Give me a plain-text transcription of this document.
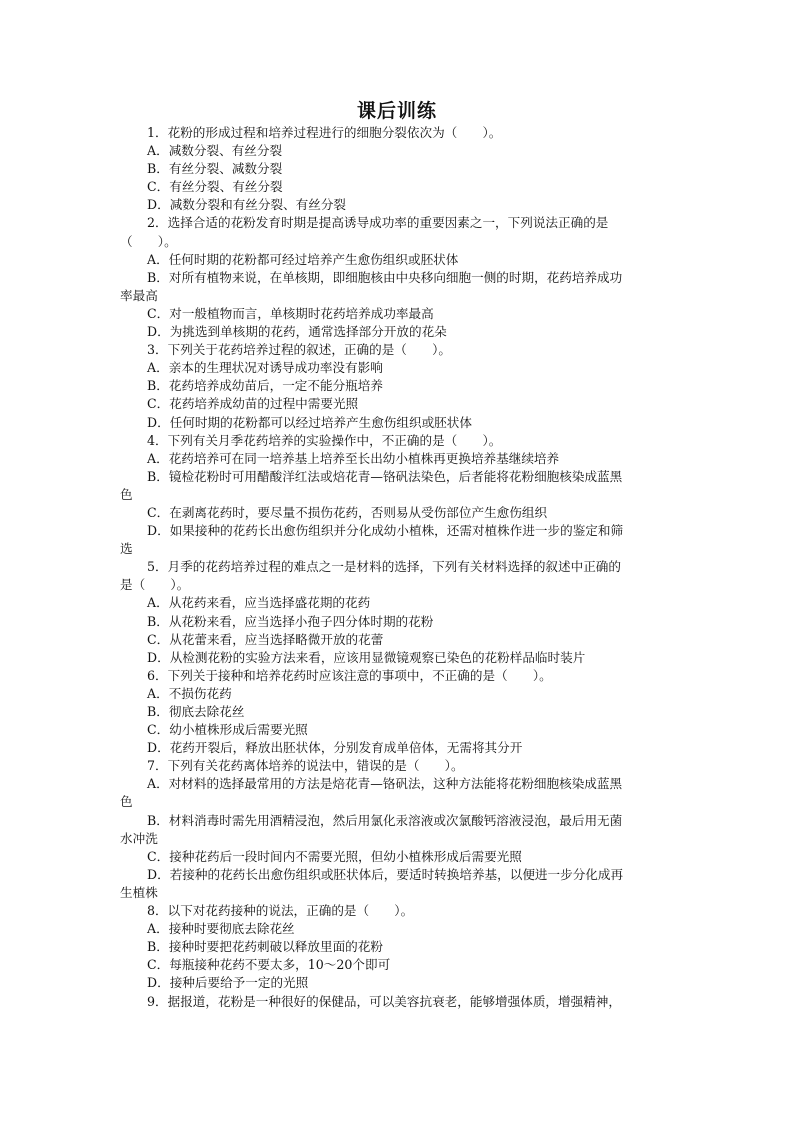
课后训练
1．花粉的形成过程和培养过程进行的细胞分裂依次为（　　）。
A．减数分裂、有丝分裂
B．有丝分裂、减数分裂
C．有丝分裂、有丝分裂
D．减数分裂和有丝分裂、有丝分裂
2．选择合适的花粉发育时期是提高诱导成功率的重要因素之一，下列说法正确的是
（　　）。
A．任何时期的花粉都可经过培养产生愈伤组织或胚状体
B．对所有植物来说，在单核期，即细胞核由中央移向细胞一侧的时期，花药培养成功
率最高
C．对一般植物而言，单核期时花药培养成功率最高
D．为挑选到单核期的花药，通常选择部分开放的花朵
3．下列关于花药培养过程的叙述，正确的是（　　）。
A．亲本的生理状况对诱导成功率没有影响
B．花药培养成幼苗后，一定不能分瓶培养
C．花药培养成幼苗的过程中需要光照
D．任何时期的花粉都可以经过培养产生愈伤组织或胚状体
4．下列有关月季花药培养的实验操作中，不正确的是（　　）。
A．花药培养可在同一培养基上培养至长出幼小植株再更换培养基继续培养
B．镜检花粉时可用醋酸洋红法或焙花青—铬矾法染色，后者能将花粉细胞核染成蓝黑
色
C．在剥离花药时，要尽量不损伤花药，否则易从受伤部位产生愈伤组织
D．如果接种的花药长出愈伤组织并分化成幼小植株，还需对植株作进一步的鉴定和筛
选
5．月季的花药培养过程的难点之一是材料的选择，下列有关材料选择的叙述中正确的
是（　　）。
A．从花药来看，应当选择盛花期的花药
B．从花粉来看，应当选择小孢子四分体时期的花粉
C．从花蕾来看，应当选择略微开放的花蕾
D．从检测花粉的实验方法来看，应该用显微镜观察已染色的花粉样品临时装片
6．下列关于接种和培养花药时应该注意的事项中，不正确的是（　　）。
A．不损伤花药
B．彻底去除花丝
C．幼小植株形成后需要光照
D．花药开裂后，释放出胚状体，分别发育成单倍体，无需将其分开
7．下列有关花药离体培养的说法中，错误的是（　　）。
A．对材料的选择最常用的方法是焙花青—铬矾法，这种方法能将花粉细胞核染成蓝黑
色
B．材料消毒时需先用酒精浸泡，然后用氯化汞溶液或次氯酸钙溶液浸泡，最后用无菌
水冲洗
C．接种花药后一段时间内不需要光照，但幼小植株形成后需要光照
D．若接种的花药长出愈伤组织或胚状体后，要适时转换培养基，以便进一步分化成再
生植株
8．以下对花药接种的说法，正确的是（　　）。
A．接种时要彻底去除花丝
B．接种时要把花药刺破以释放里面的花粉
C．每瓶接种花药不要太多，10～20个即可
D．接种后要给予一定的光照
9．据报道，花粉是一种很好的保健品，可以美容抗衰老，能够增强体质，增强精神，
